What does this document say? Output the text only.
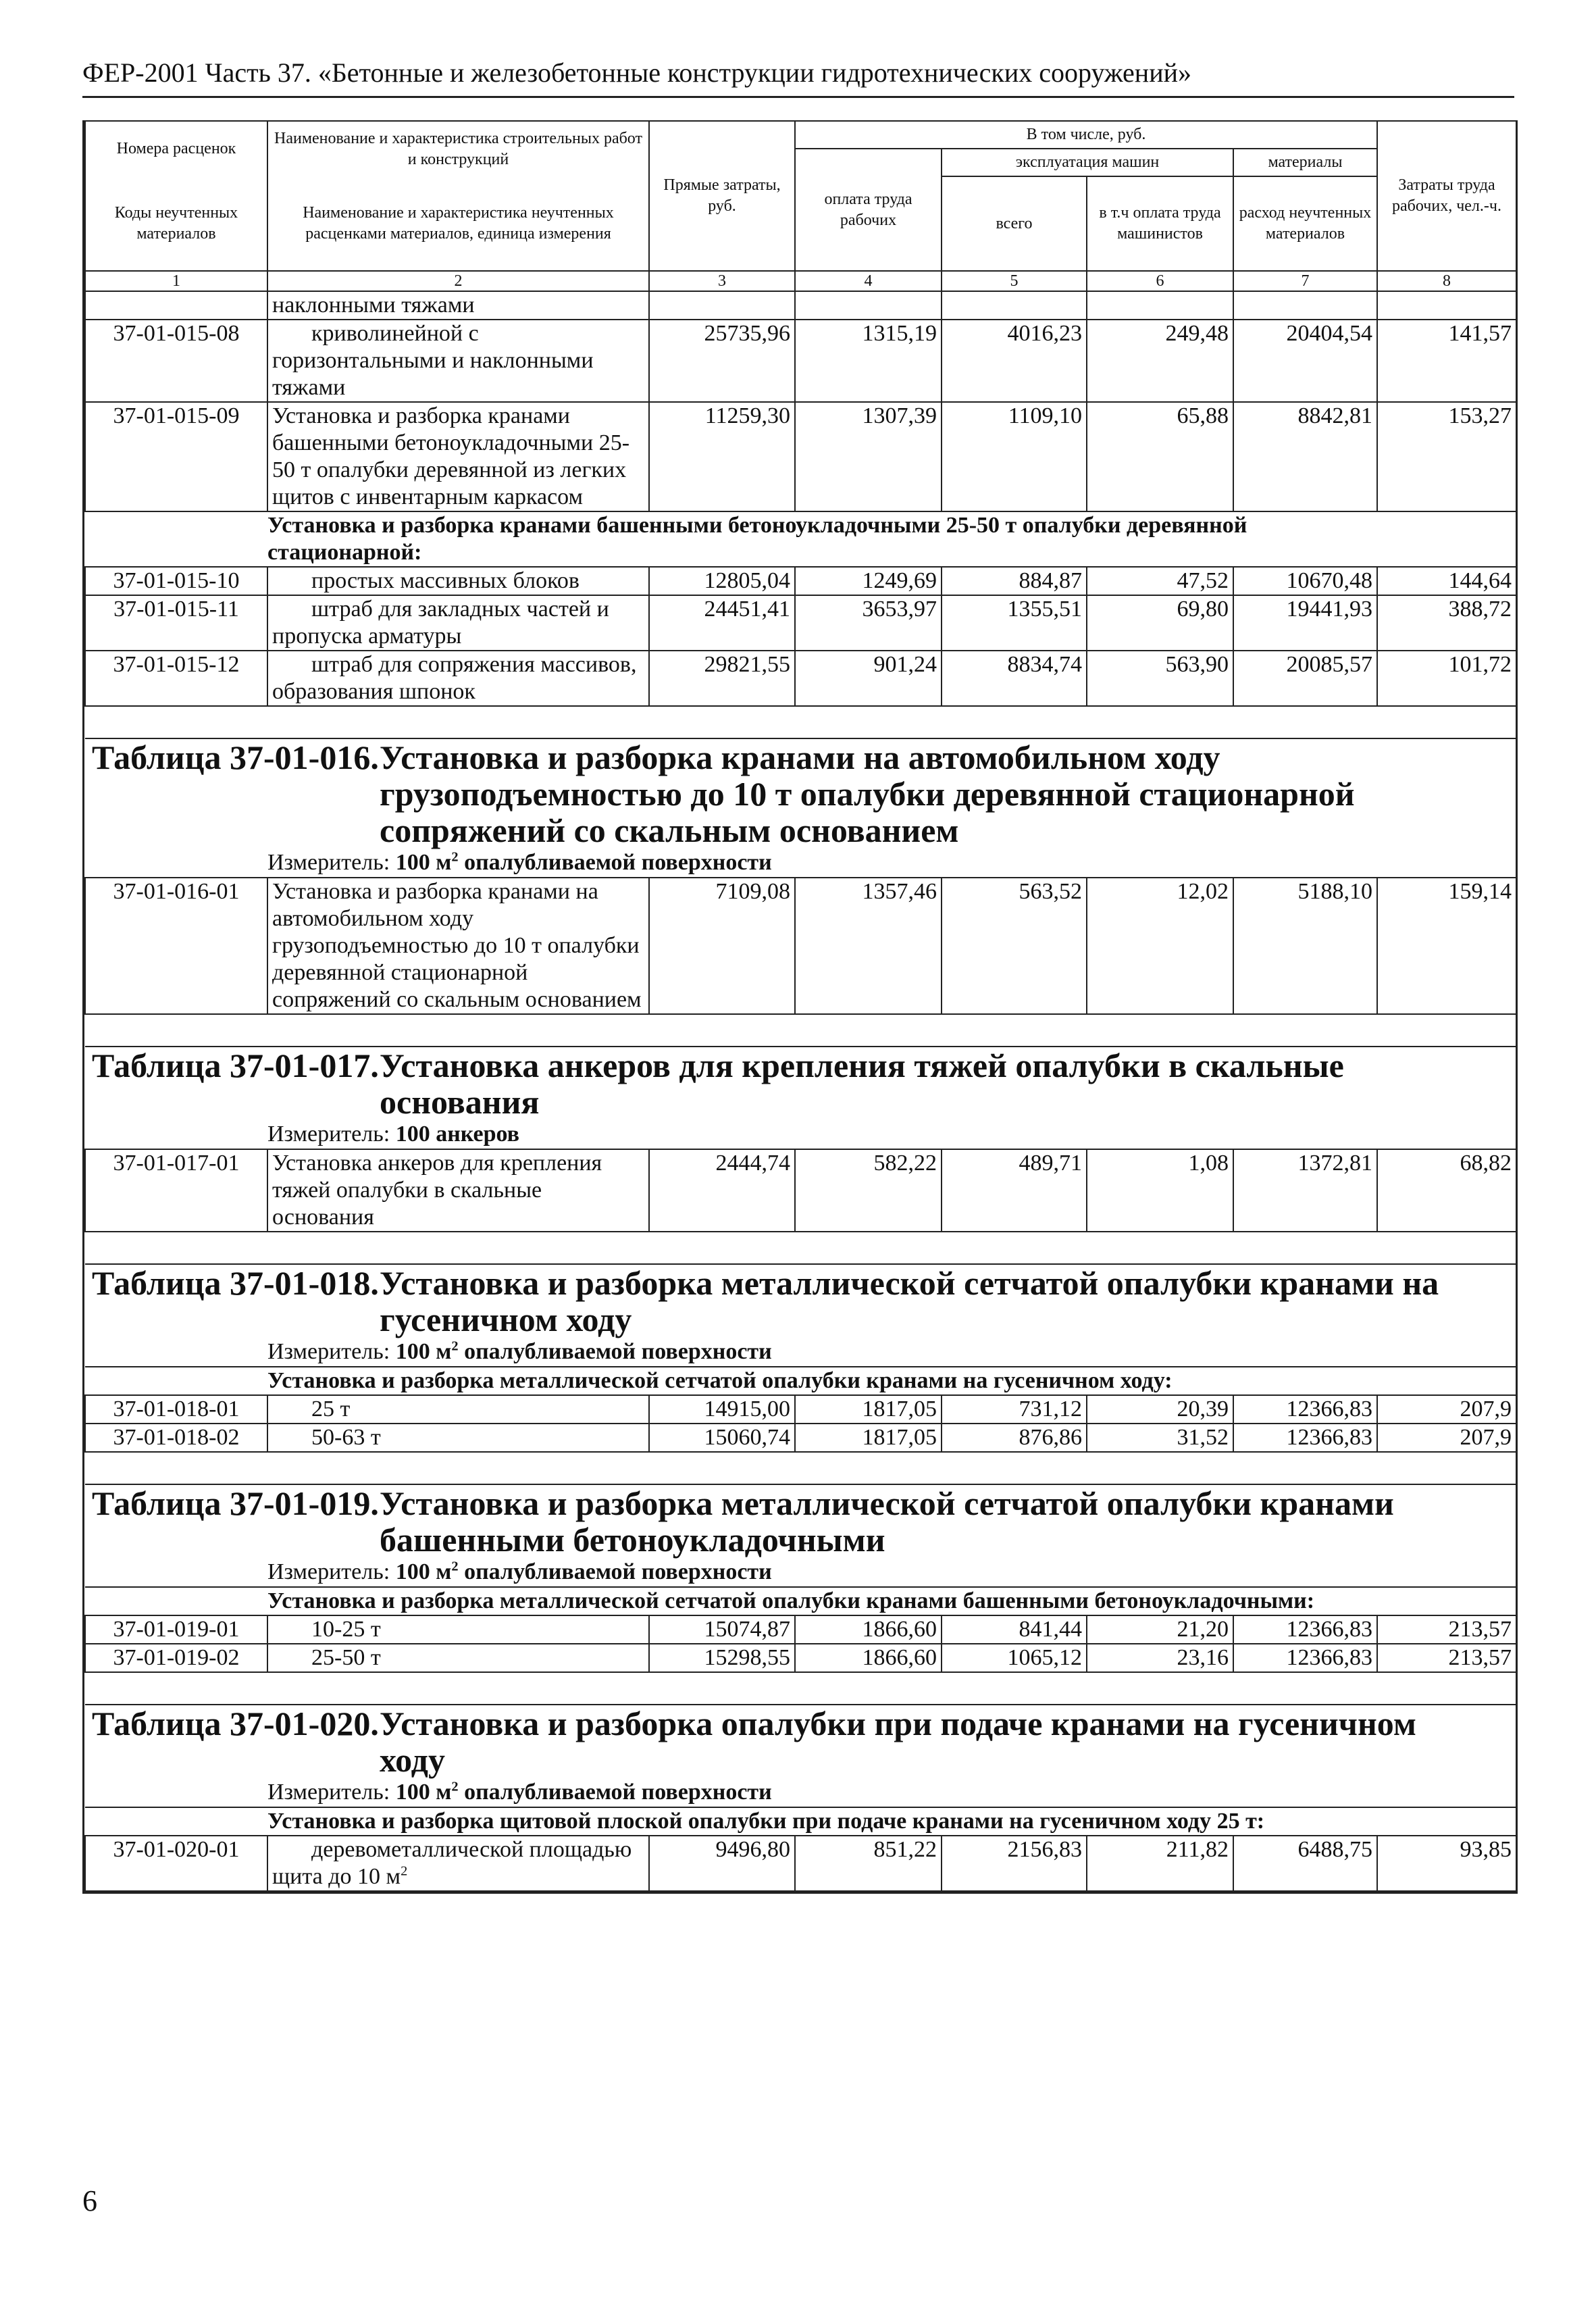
ФЕР-2001 Часть 37. «Бетонные и железобетонные конструкции гидротехнических сооружений»
Номера расценок	Наименование и характеристика строительных работ и конструкций	Прямые затраты, руб.	В том числе, руб.				Затраты труда рабочих, чел.-ч.
			оплата труда рабочих	эксплуатация машин		материалы	
Коды неучтенных материалов	Наименование и характеристика неучтенных расценками материалов, единица измерения			всего	в т.ч оплата труда машинистов	расход неучтенных материалов	

1	2	3	4	5	6	7	8
	наклонными тяжами						
37-01-015-08	криволинейной с горизонтальными и наклонными тяжами	25735,96	1315,19	4016,23	249,48	20404,54	141,57
37-01-015-09	Установка и разборка кранами башенными бетоноукладочными 25-50 т опалубки деревянной из легких щитов с инвентарным каркасом	11259,30	1307,39	1109,10	65,88	8842,81	153,27
Установка и разборка кранами башенными бетоноукладочными 25-50 т опалубки деревянной стационарной:							
37-01-015-10	простых массивных блоков	12805,04	1249,69	884,87	47,52	10670,48	144,64
37-01-015-11	штраб для закладных частей и пропуска арматуры	24451,41	3653,97	1355,51	69,80	19441,93	388,72
37-01-015-12	штраб для сопряжения массивов, образования шпонок	29821,55	901,24	8834,74	563,90	20085,57	101,72

Таблица 37-01-016.Установка и разборка кранами на автомобильном ходу грузоподъемностью до 10 т опалубки деревянной стационарной сопряжений со скальным основанием							

Измеритель: 100 $м^2$ опалубливаемой поверхности							
37-01-016-01	Установка и разборка кранами на автомобильном ходу грузоподъемностью до 10 т опалубки деревянной стационарной сопряжений со скальным основанием	7109,08	1357,46	563,52	12,02	5188,10	159,14

Таблица 37-01-017.Установка анкеров для крепления тяжей опалубки в скальные основания							

Измеритель: 100 анкеров							
37-01-017-01	Установка анкеров для крепления тяжей опалубки в скальные основания	2444,74	582,22	489,71	1,08	1372,81	68,82

Таблица 37-01-018.Установка и разборка металлической сетчатой опалубки кранами на гусеничном ходу							

Измеритель: 100 $м^2$ опалубливаемой поверхности							
Установка и разборка металлической сетчатой опалубки кранами на гусеничном ходу:							
37-01-018-01	25 т	14915,00	1817,05	731,12	20,39	12366,83	207,9
37-01-018-02	50-63 т	15060,74	1817,05	876,86	31,52	12366,83	207,9

Таблица 37-01-019.Установка и разборка металлической сетчатой опалубки кранами башенными бетоноукладочными							

Измеритель: 100 $м^2$ опалубливаемой поверхности							
Установка и разборка металлической сетчатой опалубки кранами башенными бетоноукладочными:							
37-01-019-01	10-25 т	15074,87	1866,60	841,44	21,20	12366,83	213,57
37-01-019-02	25-50 т	15298,55	1866,60	1065,12	23,16	12366,83	213,57

Таблица 37-01-020.Установка и разборка опалубки при подаче кранами на гусеничном ходу							

Измеритель: 100 $м^2$ опалубливаемой поверхности							
Установка и разборка щитовой плоской опалубки при подаче кранами на гусеничном ходу 25 т:							
37-01-020-01	деревометаллической площадью щита до 10 $м^2$	9496,80	851,22	2156,83	211,82	6488,75	93,85
6
